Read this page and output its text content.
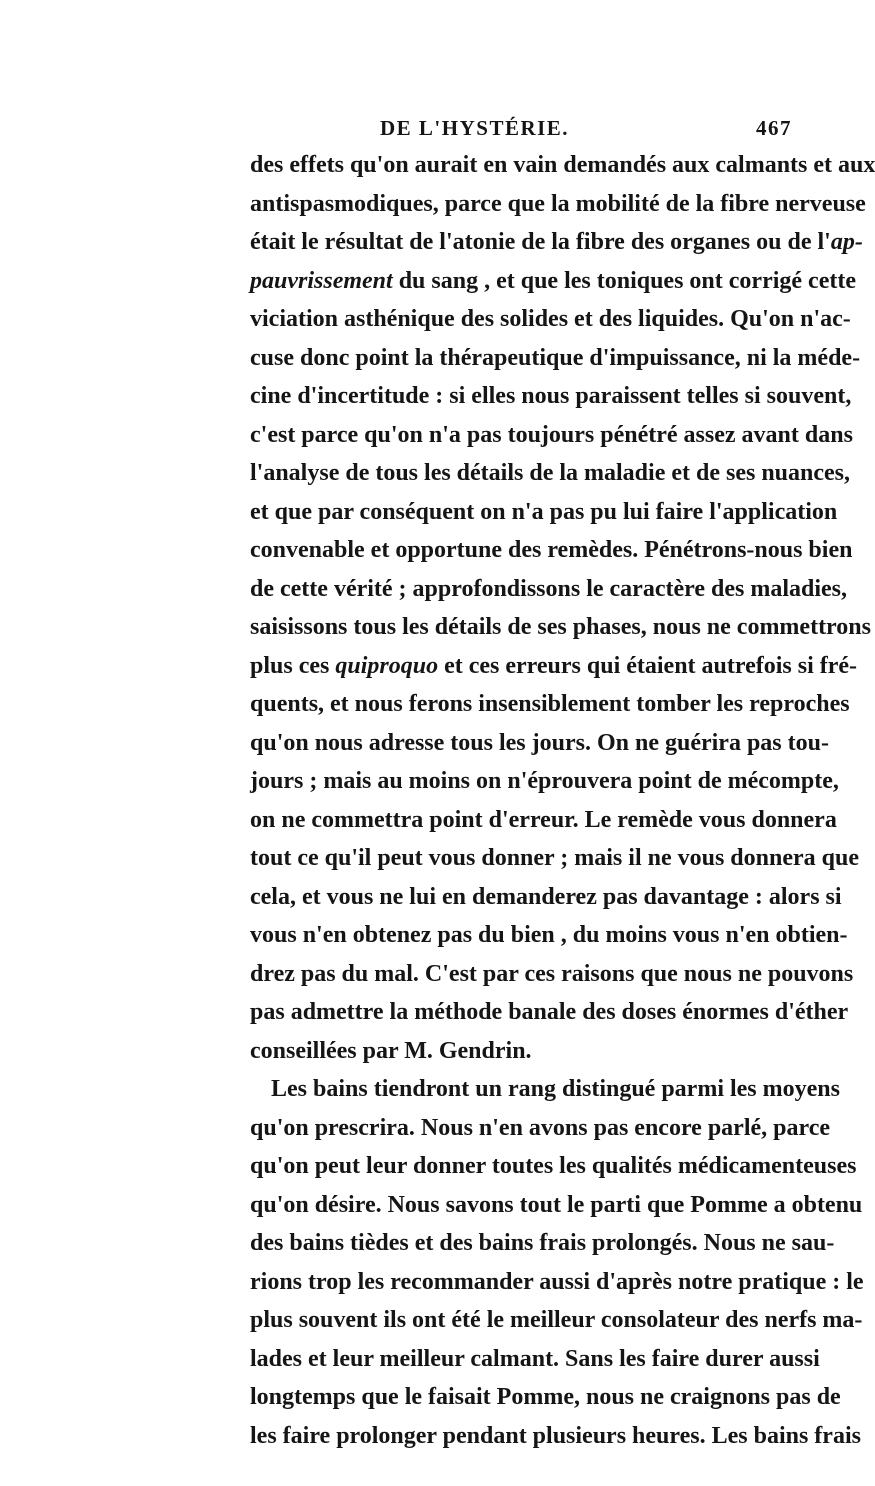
DE L'HYSTÉRIE.	467
des effets qu'on aurait en vain demandés aux calmants et aux
antispasmodiques, parce que la mobilité de la fibre nerveuse
était le résultat de l'atonie de la fibre des organes ou de l'ap-
pauvrissement du sang , et que les toniques ont corrigé cette
viciation asthénique des solides et des liquides. Qu'on n'ac-
cuse donc point la thérapeutique d'impuissance, ni la méde-
cine d'incertitude : si elles nous paraissent telles si souvent,
c'est parce qu'on n'a pas toujours pénétré assez avant dans
l'analyse de tous les détails de la maladie et de ses nuances,
et que par conséquent on n'a pas pu lui faire l'application
convenable et opportune des remèdes. Pénétrons-nous bien
de cette vérité ; approfondissons le caractère des maladies,
saisissons tous les détails de ses phases, nous ne commettrons
plus ces quiproquo et ces erreurs qui étaient autrefois si fré-
quents, et nous ferons insensiblement tomber les reproches
qu'on nous adresse tous les jours. On ne guérira pas tou-
jours ; mais au moins on n'éprouvera point de mécompte,
on ne commettra point d'erreur. Le remède vous donnera
tout ce qu'il peut vous donner ; mais il ne vous donnera que
cela, et vous ne lui en demanderez pas davantage : alors si
vous n'en obtenez pas du bien , du moins vous n'en obtien-
drez pas du mal. C'est par ces raisons que nous ne pouvons
pas admettre la méthode banale des doses énormes d'éther
conseillées par M. Gendrin.
Les bains tiendront un rang distingué parmi les moyens
qu'on prescrira. Nous n'en avons pas encore parlé, parce
qu'on peut leur donner toutes les qualités médicamenteuses
qu'on désire. Nous savons tout le parti que Pomme a obtenu
des bains tièdes et des bains frais prolongés. Nous ne sau-
rions trop les recommander aussi d'après notre pratique : le
plus souvent ils ont été le meilleur consolateur des nerfs ma-
lades et leur meilleur calmant. Sans les faire durer aussi
longtemps que le faisait Pomme, nous ne craignons pas de
les faire prolonger pendant plusieurs heures. Les bains frais
